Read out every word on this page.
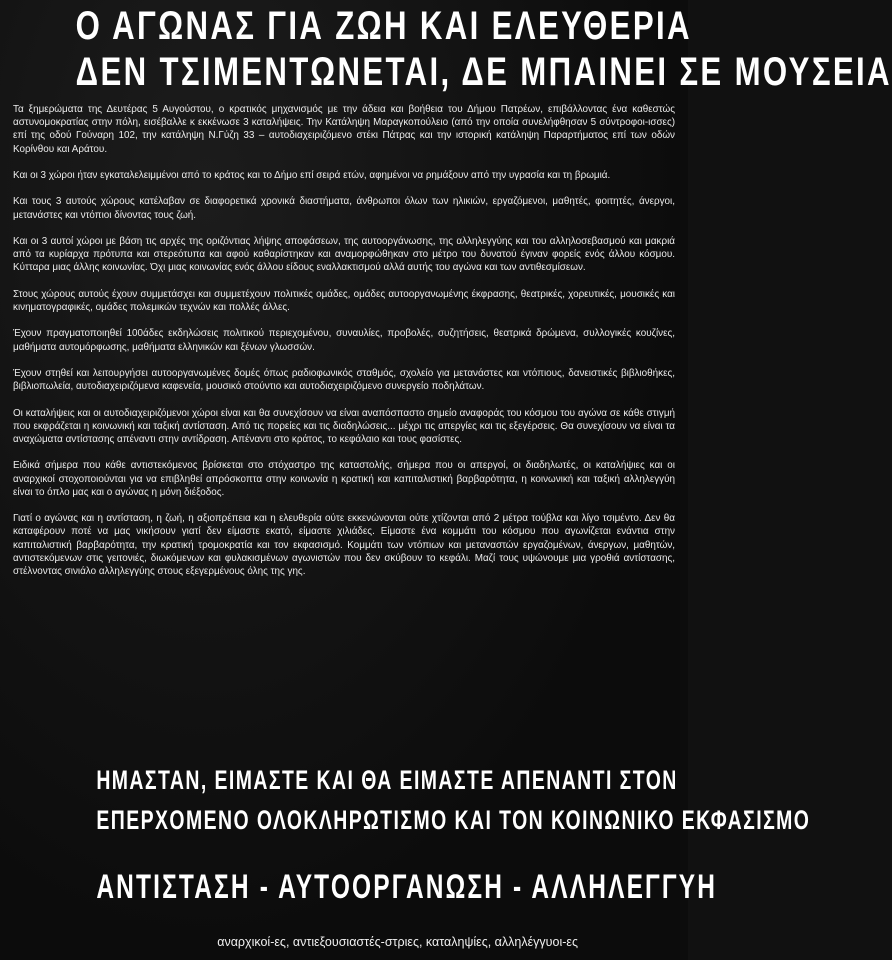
Ο ΑΓΩΝΑΣ ΓΙΑ ΖΩΗ ΚΑΙ ΕΛΕΥΘΕΡΙΑ
ΔΕΝ ΤΣΙΜΕΝΤΩΝΕΤΑΙ, ΔΕ ΜΠΑΙΝΕΙ ΣΕ ΜΟΥΣΕΙΑ

Τα ξημερώματα της Δευτέρας 5 Αυγούστου, ο κρατικός μηχανισμός με την άδεια και βοήθεια του Δήμου Πατρέων, επιβάλλοντας ένα καθεστώς αστυνομοκρατίας στην πόλη, εισέβαλλε κ εκκένωσε 3 καταλήψεις. Την Κατάληψη Μαραγκοπούλειο (από την οποία συνελήφθησαν 5 σύντροφοι-ισσες) επί της οδού Γούναρη 102, την κατάληψη Ν.Γύζη 33 – αυτοδιαχειριζόμενο στέκι Πάτρας και την ιστορική κατάληψη Παραρτήματος επί των οδών Κορίνθου και Αράτου.

Και οι 3 χώροι ήταν εγκαταλελειμμένοι από το κράτος και το Δήμο επί σειρά ετών, αφημένοι να ρημάξουν από την υγρασία και τη βρωμιά.

Και τους 3 αυτούς χώρους κατέλαβαν σε διαφορετικά χρονικά διαστήματα, άνθρωποι όλων των ηλικιών, εργαζόμενοι, μαθητές, φοιτητές, άνεργοι, μετανάστες και ντόπιοι δίνοντας τους ζωή.

Και οι 3 αυτοί χώροι με βάση τις αρχές της οριζόντιας λήψης αποφάσεων, της αυτοοργάνωσης, της αλληλεγγύης και του αλληλοσεβασμού και μακριά από τα κυρίαρχα πρότυπα και στερεότυπα και αφού καθαρίστηκαν και αναμορφώθηκαν στο μέτρο του δυνατού έγιναν φορείς ενός άλλου κόσμου. Κύτταρα μιας άλλης κοινωνίας. Όχι μιας κοινωνίας ενός άλλου είδους εναλλακτισμού αλλά αυτής του αγώνα και των αντιθεσμίσεων.

Στους χώρους αυτούς έχουν συμμετάσχει και συμμετέχουν πολιτικές ομάδες, ομάδες αυτοοργανωμένης έκφρασης, θεατρικές, χορευτικές, μουσικές και κινηματογραφικές, ομάδες πολεμικών τεχνών και πολλές άλλες.

Έχουν πραγματοποιηθεί 100άδες εκδηλώσεις πολιτικού περιεχομένου, συναυλίες, προβολές, συζητήσεις, θεατρικά δρώμενα, συλλογικές κουζίνες, μαθήματα αυτομόρφωσης, μαθήματα ελληνικών και ξένων γλωσσών.

Έχουν στηθεί και λειτουργήσει αυτοοργανωμένες δομές όπως ραδιοφωνικός σταθμός, σχολείο για μετανάστες και ντόπιους, δανειστικές βιβλιοθήκες, βιβλιοπωλεία, αυτοδιαχειριζόμενα καφενεία, μουσικό στούντιο και αυτοδιαχειριζόμενο συνεργείο ποδηλάτων.

Οι καταλήψεις και οι αυτοδιαχειριζόμενοι χώροι είναι και θα συνεχίσουν να είναι αναπόσπαστο σημείο αναφοράς του κόσμου του αγώνα σε κάθε στιγμή που εκφράζεται η κοινωνική και ταξική αντίσταση. Από τις πορείες και τις διαδηλώσεις... μέχρι τις απεργίες και τις εξεγέρσεις. Θα συνεχίσουν να είναι τα αναχώματα αντίστασης απέναντι στην αντίδραση. Απέναντι στο κράτος, το κεφάλαιο και τους φασίστες.

Ειδικά σήμερα που κάθε αντιστεκόμενος βρίσκεται στο στόχαστρο της καταστολής, σήμερα που οι απεργοί, οι διαδηλωτές, οι καταλήψιες και οι αναρχικοί στοχοποιούνται για να επιβληθεί απρόσκοπτα στην κοινωνία η κρατική και καπιταλιστική βαρβαρότητα, η κοινωνική και ταξική αλληλεγγύη είναι το όπλο μας και ο αγώνας η μόνη διέξοδος.

Γιατί ο αγώνας και η αντίσταση, η ζωή, η αξιοπρέπεια και η ελευθερία ούτε εκκενώνονται ούτε χτίζονται από 2 μέτρα τούβλα και λίγο τσιμέντο. Δεν θα καταφέρουν ποτέ να μας νικήσουν γιατί δεν είμαστε εκατό, είμαστε χιλιάδες. Είμαστε ένα κομμάτι του κόσμου που αγωνίζεται ενάντια στην καπιταλιστική βαρβαρότητα, την κρατική τρομοκρατία και τον εκφασισμό. Κομμάτι των ντόπιων και μεταναστών εργαζομένων, άνεργων, μαθητών, αντιστεκόμενων στις γειτονιές, διωκόμενων και φυλακισμένων αγωνιστών που δεν σκύβουν το κεφάλι. Μαζί τους υψώνουμε μια γροθιά αντίστασης, στέλνοντας σινιάλο αλληλεγγύης στους εξεγερμένους όλης της γης.

ΗΜΑΣΤΑΝ, ΕΙΜΑΣΤΕ ΚΑΙ ΘΑ ΕΙΜΑΣΤΕ ΑΠΕΝΑΝΤΙ ΣΤΟΝ
ΕΠΕΡΧΟΜΕΝΟ ΟΛΟΚΛΗΡΩΤΙΣΜΟ ΚΑΙ ΤΟΝ ΚΟΙΝΩΝΙΚΟ ΕΚΦΑΣΙΣΜΟ
ΑΝΤΙΣΤΑΣΗ - ΑΥΤΟΟΡΓΑΝΩΣΗ - ΑΛΛΗΛΕΓΓΥΗ
αναρχικοί-ες, αντιεξουσιαστές-στριες, καταληψίες, αλληλέγγυοι-ες
